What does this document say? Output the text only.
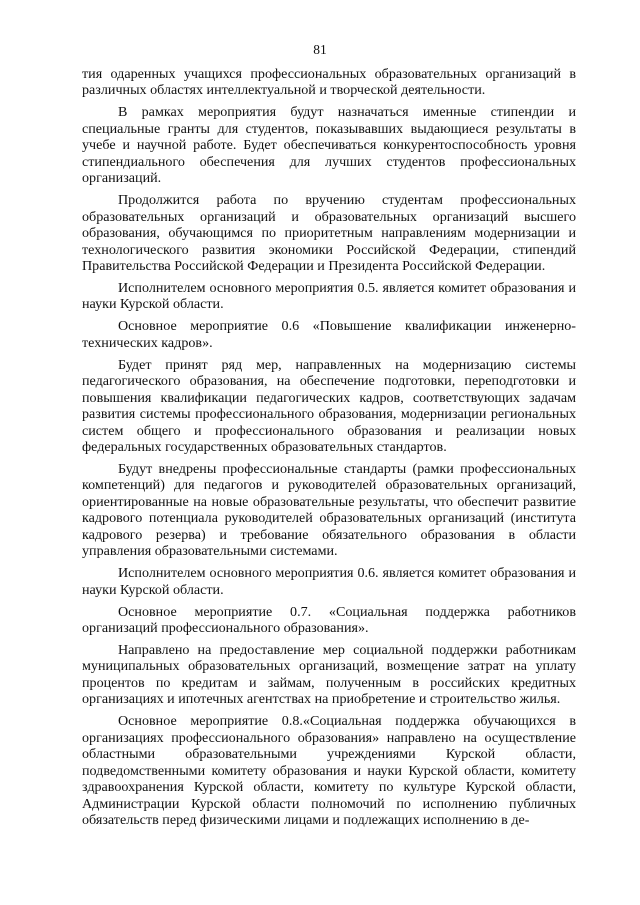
81

тия одаренных учащихся профессиональных образовательных организаций в различных областях интеллектуальной и творческой деятельности.

В рамках мероприятия будут назначаться именные стипендии и специальные гранты для студентов, показывавших выдающиеся результаты в учебе и научной работе. Будет обеспечиваться конкурентоспособность уровня стипендиального обеспечения для лучших студентов профессиональных организаций.

Продолжится работа по вручению студентам профессиональных образовательных организаций и образовательных организаций высшего образования, обучающимся по приоритетным направлениям модернизации и технологического развития экономики Российской Федерации, стипендий Правительства Российской Федерации и Президента Российской Федерации.

Исполнителем основного мероприятия 0.5. является комитет образования и науки Курской области.

Основное мероприятие 0.6 «Повышение квалификации инженерно-технических кадров».

Будет принят ряд мер, направленных на модернизацию системы педагогического образования, на обеспечение подготовки, переподготовки и повышения квалификации педагогических кадров, соответствующих задачам развития системы профессионального образования, модернизации региональных систем общего и профессионального образования и реализации новых федеральных государственных образовательных стандартов.

Будут внедрены профессиональные стандарты (рамки профессиональных компетенций) для педагогов и руководителей образовательных организаций, ориентированные на новые образовательные результаты, что обеспечит развитие кадрового потенциала руководителей образовательных организаций (института кадрового резерва) и требование обязательного образования в области управления образовательными системами.

Исполнителем основного мероприятия 0.6. является комитет образования и науки Курской области.

Основное мероприятие 0.7. «Социальная поддержка работников организаций профессионального образования».

Направлено на предоставление мер социальной поддержки работникам муниципальных образовательных организаций, возмещение затрат на уплату процентов по кредитам и займам, полученным в российских кредитных организациях и ипотечных агентствах на приобретение и строительство жилья.

Основное мероприятие 0.8.«Социальная поддержка обучающихся в организациях профессионального образования» направлено на осуществление областными образовательными учреждениями Курской области, подведомственными комитету образования и науки Курской области, комитету здравоохранения Курской области, комитету по культуре Курской области, Администрации Курской области полномочий по исполнению публичных обязательств перед физическими лицами и подлежащих исполнению в де-
